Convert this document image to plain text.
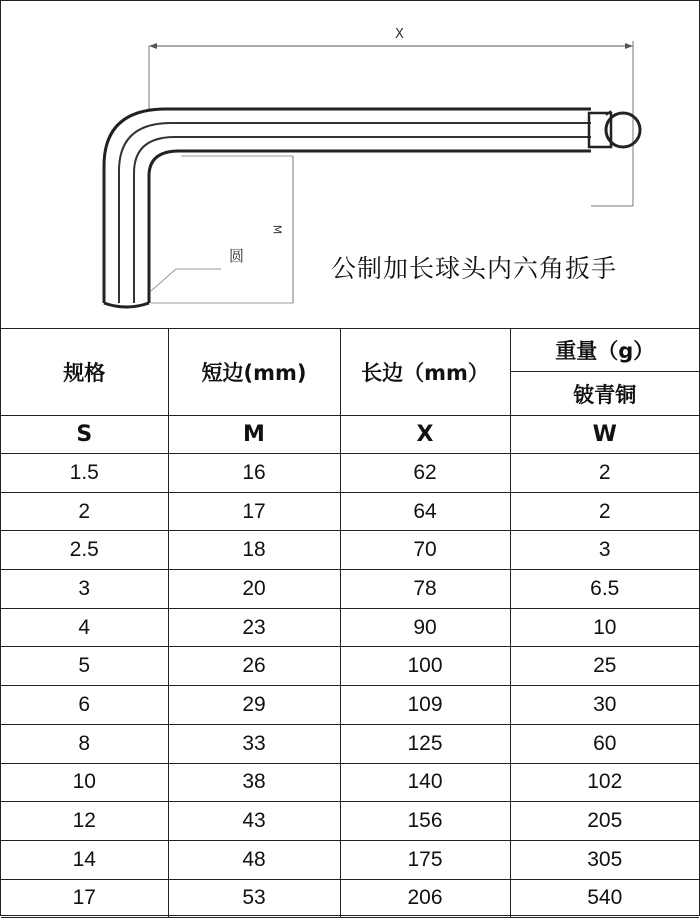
X
M
圆	公制加长球头内六角扳手
规格	短边(mm)	长边（mm）	重量（g）
			铍青铜
S	M	X	W
1.5	16	62	2
2	17	64	2
2.5	18	70	3
3	20	78	6.5
4	23	90	10
5	26	100	25
6	29	109	30
8	33	125	60
10	38	140	102
12	43	156	205
14	48	175	305
17	53	206	540
